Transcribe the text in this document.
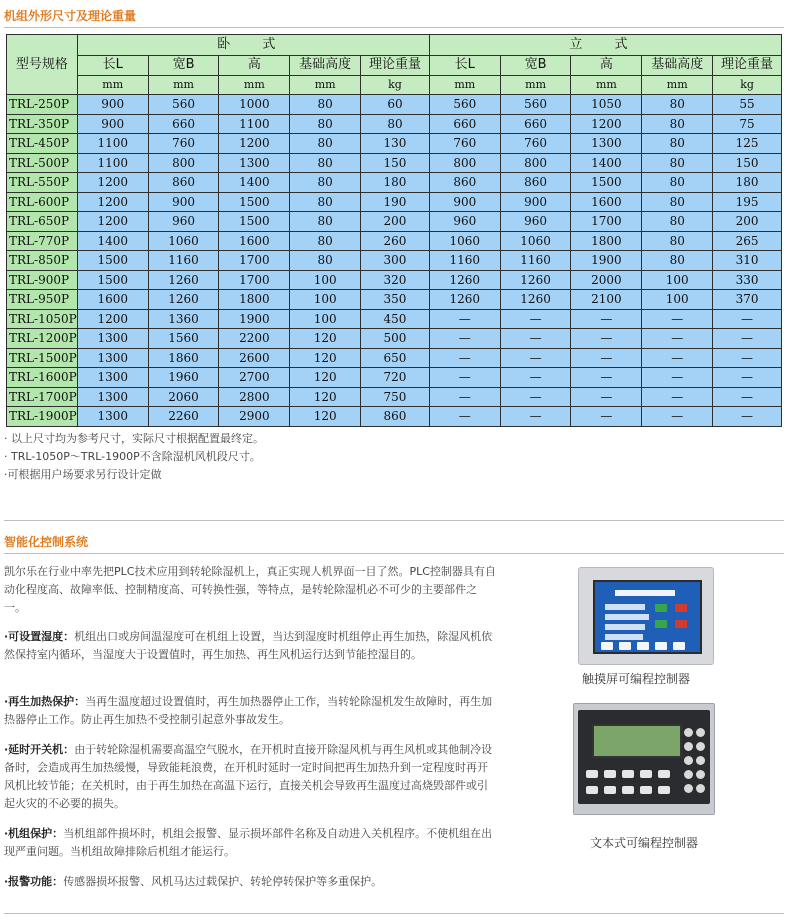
机组外形尺寸及理论重量
型号规格	卧 式					立 式				
	长L	宽B	高	基础高度	理论重量	长L	宽B	高	基础高度	理论重量
	mm	mm	mm	mm	kg	mm	mm	mm	mm	kg
TRL-250P	900	560	1000	80	60	560	560	1050	80	55
TRL-350P	900	660	1100	80	80	660	660	1200	80	75
TRL-450P	1100	760	1200	80	130	760	760	1300	80	125
TRL-500P	1100	800	1300	80	150	800	800	1400	80	150
TRL-550P	1200	860	1400	80	180	860	860	1500	80	180
TRL-600P	1200	900	1500	80	190	900	900	1600	80	195
TRL-650P	1200	960	1500	80	200	960	960	1700	80	200
TRL-770P	1400	1060	1600	80	260	1060	1060	1800	80	265
TRL-850P	1500	1160	1700	80	300	1160	1160	1900	80	310
TRL-900P	1500	1260	1700	100	320	1260	1260	2000	100	330
TRL-950P	1600	1260	1800	100	350	1260	1260	2100	100	370
TRL-1050P	1200	1360	1900	100	450	—	—	—	—	—
TRL-1200P	1300	1560	2200	120	500	—	—	—	—	—
TRL-1500P	1300	1860	2600	120	650	—	—	—	—	—
TRL-1600P	1300	1960	2700	120	720	—	—	—	—	—
TRL-1700P	1300	2060	2800	120	750	—	—	—	—	—
TRL-1900P	1300	2260	2900	120	860	—	—	—	—	—
· 以上尺寸均为参考尺寸，实际尺寸根据配置最终定。
· TRL-1050P～TRL-1900P不含除湿机风机段尺寸。
·可根据用户场要求另行设计定做
智能化控制系统
凯尔乐在行业中率先把PLC技术应用到转轮除湿机上，真正实现人机界面一目了然。PLC控制器具有自动化程度高、故障率低、控制精度高、可转换性强，等特点，是转轮除湿机必不可少的主要部件之一。
·可设置湿度：机组出口或房间温湿度可在机组上设置，当达到湿度时机组停止再生加热，除湿风机依然保持室内循环，当湿度大于设置值时，再生加热、再生风机运行达到节能控湿目的。
·再生加热保护：当再生温度超过设置值时，再生加热器停止工作，当转轮除湿机发生故障时，再生加热器停止工作。防止再生加热不受控制引起意外事故发生。
·延时开关机：由于转轮除湿机需要高温空气脱水，在开机时直接开除湿风机与再生风机或其他制冷设备时，会造成再生加热缓慢，导致能耗浪费，在开机时延时一定时间把再生加热升到一定程度时再开风机比较节能；在关机时，由于再生加热在高温下运行，直接关机会导致再生温度过高烧毁部件或引起火灾的不必要的损失。
·机组保护：当机组部件损坏时，机组会报警、显示损坏部件名称及自动进入关机程序。不使机组在出现严重问题。当机组故障排除后机组才能运行。
·报警功能：传感器损坏报警、风机马达过载保护、转轮停转保护等多重保护。
触摸屏可编程控制器
文本式可编程控制器
